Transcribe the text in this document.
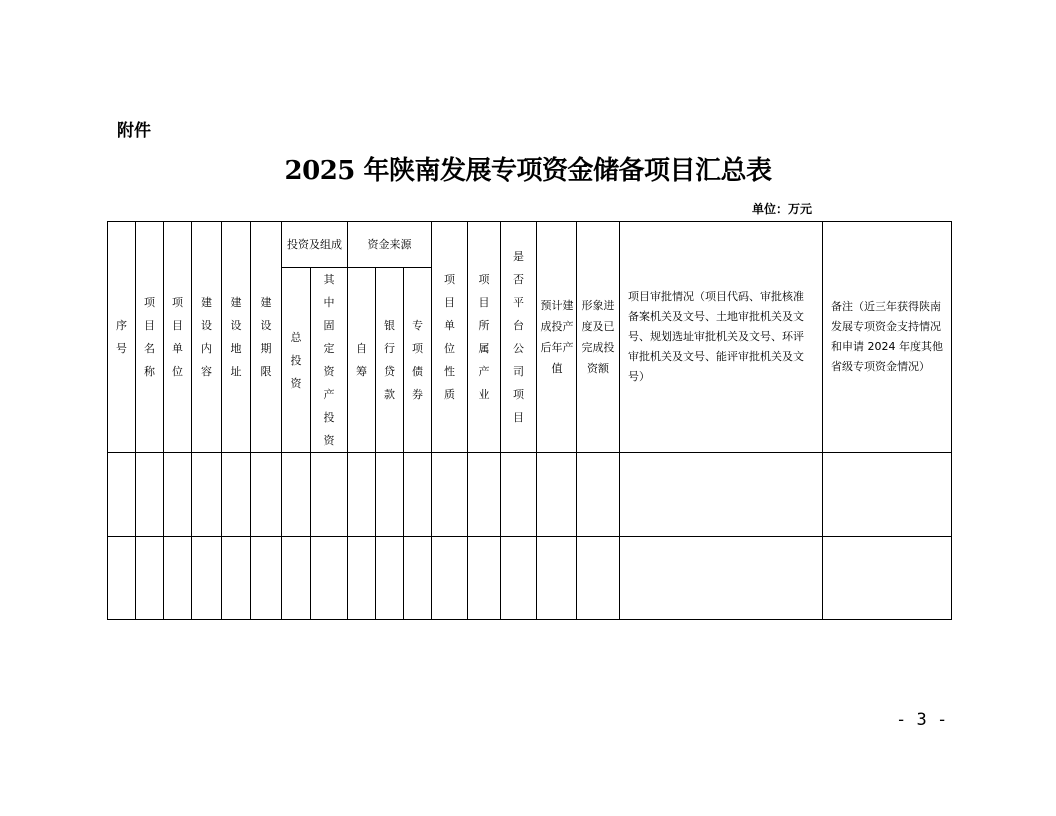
附件
2025 年陕南发展专项资金储备项目汇总表
单位：万元
序号	项目名称	项目单位	建设内容	建设地址	建设期限	投资及组成		资金来源			项目单位性质	项目所属产业	是否平台公司项目	预计建成投产后年产值	形象进度及已完成投资额	项目审批情况（项目代码、审批核准备案机关及文号、土地审批机关及文号、规划选址审批机关及文号、环评审批机关及文号、能评审批机关及文号）	备注（近三年获得陕南发展专项资金支持情况和申请 2024 年度其他省级专项资金情况）

						总投资	其中固定资产投资	自筹	银行贷款	专项债券							

- 3 -
